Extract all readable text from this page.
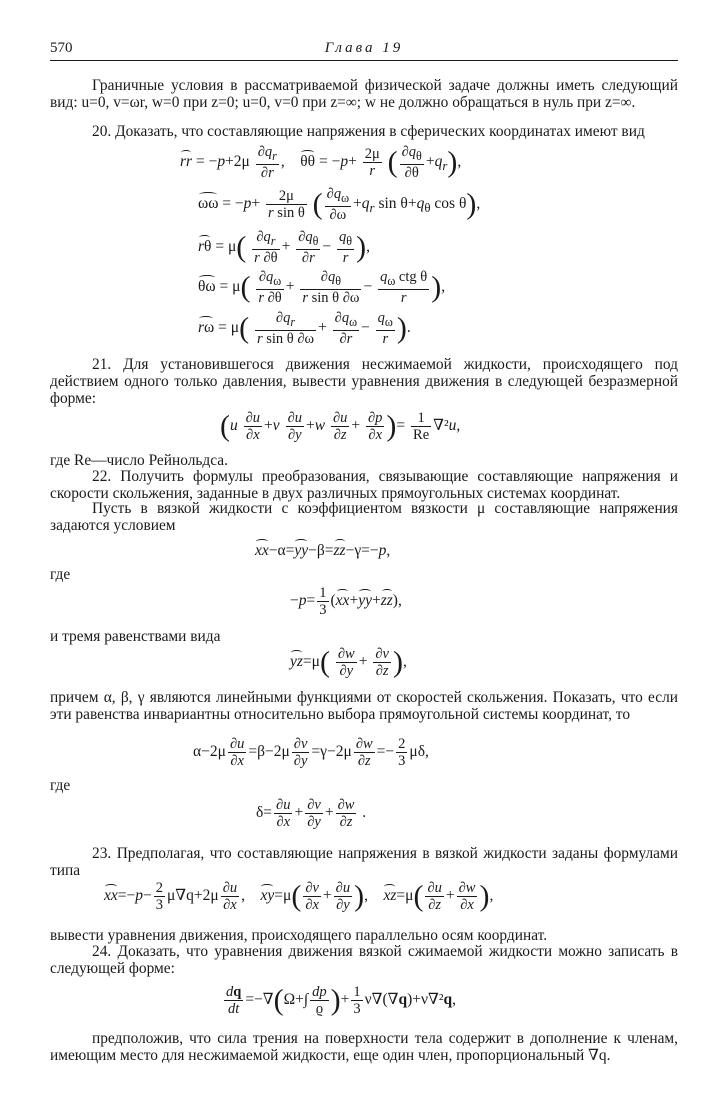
570	Глава 19
Граничные условия в рассматриваемой физической задаче должны иметь следующий вид: u=0, v=ωr, w=0 при z=0; u=0, v=0 при z=∞; w не должно обращаться в нуль при z=∞.
20. Доказать, что составляющие напряжения в сферических координатах имеют вид
rr = $-p+2\mu \frac{\partial q_r}{\partial r}$ ,    $\theta\theta = -p+ \frac{2\mu}{r}$ ( $\frac{\partial q_\theta}{\partial\theta} +q_r$),
$\omega\omega = -p+ \frac{2\mu}{\text{r sin θ}}$ ( $\frac{\partial q_\omega}{\partial\omega} +q_r$ $\sin \theta+q_\theta$ cos θ),
$r\theta = \mu( \frac{\partial q_r}{r \partial\theta} + \frac{\partial q_\theta}{\partial r} - \frac{q_\theta}{r}$ ),
$\theta\omega = \mu( \frac{\partial q_\omega}{r \partial\theta} + \frac{\partial q_\theta}{\text{r sin θ ∂ω}} - \frac{q_\omega ctg \theta}{r}$ ),
$r\omega = \mu( \frac{\partial q_r}{\text{r sin θ ∂ω}} + \frac{\partial q_\omega}{\partial r} - \frac{q_\omega}{r}$ ).
21. Для установившегося движения несжимаемой жидкости, происходящего под действием одного только давления, вывести уравнения движения в следующей безразмерной форме:
($u \frac{\partial u}{\partial x} +v \frac{\partial u}{\partial y} +w \frac{\partial u}{\partial z} + \frac{\partial p}{\partial x}$ )= $\frac{1}{Re} \nabla^2u$,
где Re—число Рейнольдса.
22. Получить формулы преобразования, связывающие составляющие напряжения и скорости скольжения, заданные в двух различных прямоугольных системах координат.
Пусть в вязкой жидкости с коэффициентом вязкости μ составляющие напряжения задаются условием
xx−α=yy−β=zz−γ=−p,
где
$-p= \frac{1}{3} (xx+yy+zz)$,
и тремя равенствами вида
$yz=\mu( \frac{\partial w}{\partial y} + \frac{\partial v}{\partial z}$ ),
причем α, β, γ являются линейными функциями от скоростей скольжения. Показать, что если эти равенства инвариантны относительно выбора прямоугольной системы координат, то
$\alpha-2\mu \frac{\partial u}{\partial x} =\beta-2\mu \frac{\partial v}{\partial y} =\gamma-2\mu \frac{\partial w}{\partial z} =- \frac{2}{3} \mu\delta$,
где
$\delta= \frac{\partial u}{\partial x} + \frac{\partial v}{\partial y} + \frac{\partial w}{\partial z}$ .
23. Предполагая, что составляющие напряжения в вязкой жидкости заданы формулами типа
$xx=-p- \frac{2}{3} \mu\nabla q+2\mu \frac{\partial u}{\partial x}$ ,    $xy=\mu( \frac{\partial v}{\partial x} + \frac{\partial u}{\partial y}$ ),    $xz=\mu( \frac{\partial u}{\partial z} + \frac{\partial w}{\partial x}$ ),
вывести уравнения движения, происходящего параллельно осям координат.
24. Доказать, что уравнения движения вязкой сжимаемой жидкости можно записать в следующей форме:
$\frac{dq}{dt} =-\nabla(\Omega+\int \frac{dp}{ϱ}$ )+ $\frac{1}{3} \nu\nabla(\nabla q)+\nu\nabla^2q$,
предположив, что сила трения на поверхности тела содержит в дополнение к членам, имеющим место для несжимаемой жидкости, еще один член, пропорциональный ∇q.
